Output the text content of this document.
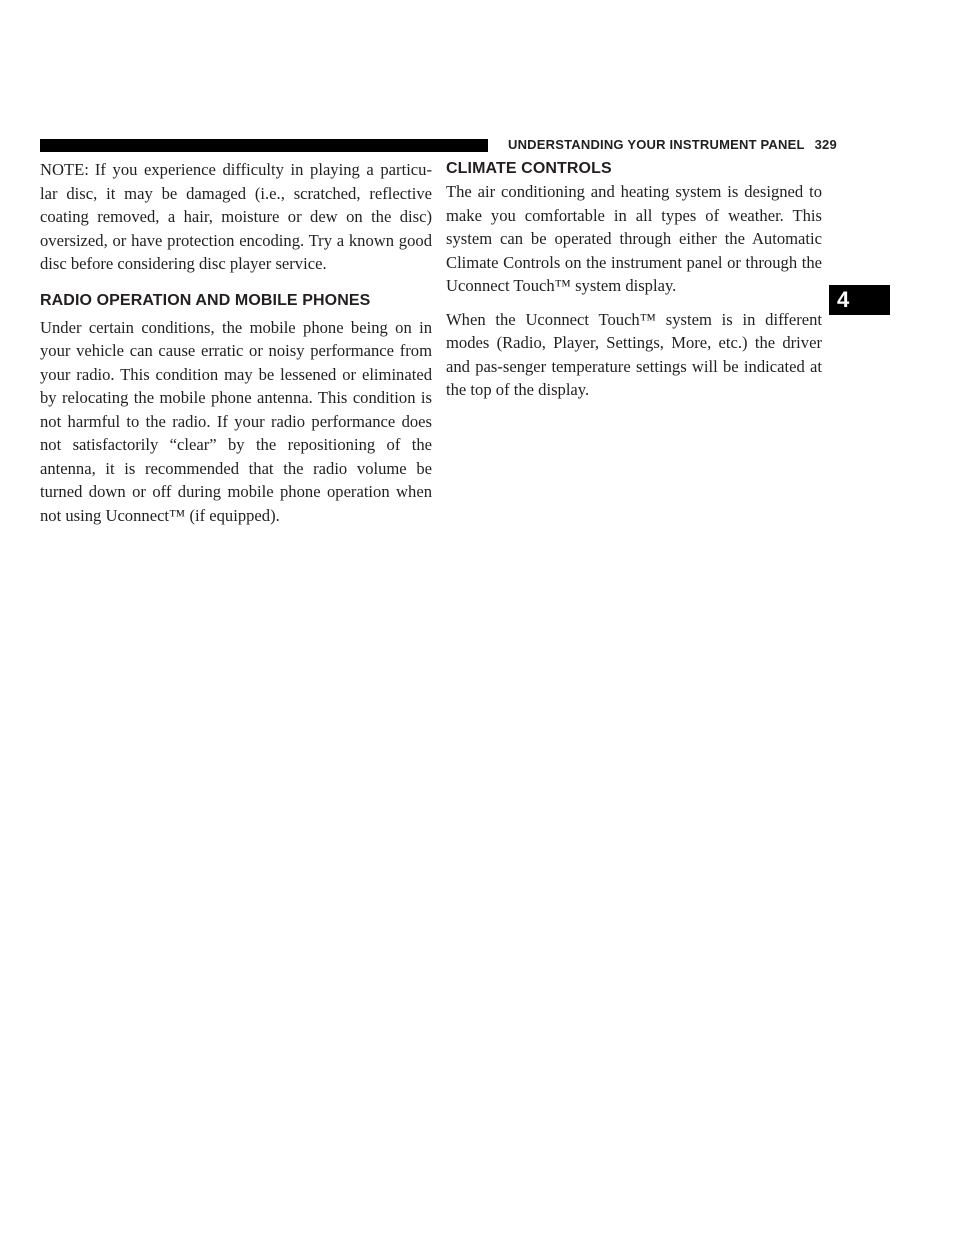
UNDERSTANDING YOUR INSTRUMENT PANEL 329

NOTE: If you experience difficulty in playing a particu-lar disc, it may be damaged (i.e., scratched, reflective coating removed, a hair, moisture or dew on the disc) oversized, or have protection encoding. Try a known good disc before considering disc player service.

RADIO OPERATION AND MOBILE PHONES

Under certain conditions, the mobile phone being on in your vehicle can cause erratic or noisy performance from your radio. This condition may be lessened or eliminated by relocating the mobile phone antenna. This condition is not harmful to the radio. If your radio performance does not satisfactorily “clear” by the repositioning of the antenna, it is recommended that the radio volume be turned down or off during mobile phone operation when not using Uconnect™ (if equipped).

CLIMATE CONTROLS

The air conditioning and heating system is designed to make you comfortable in all types of weather. This system can be operated through either the Automatic Climate Controls on the instrument panel or through the Uconnect Touch™ system display.

When the Uconnect Touch™ system is in different modes (Radio, Player, Settings, More, etc.) the driver and pas-senger temperature settings will be indicated at the top of the display.

4
